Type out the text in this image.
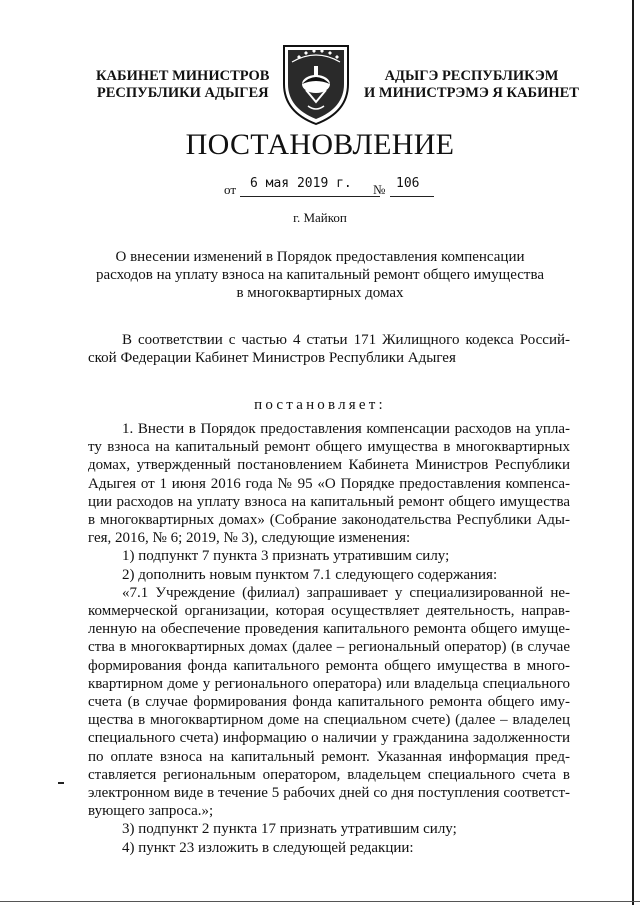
КАБИНЕТ МИНИСТРОВ
РЕСПУБЛИКИ АДЫГЕЯ
АДЫГЭ РЕСПУБЛИКЭМ
И МИНИСТРЭМЭ Я КАБИНЕТ
ПОСТАНОВЛЕНИЕ
от 6 мая 2019 г. № 106
г. Майкоп
О внесении изменений в Порядок предоставления компенсации
расходов на уплату взноса на капитальный ремонт общего имущества
в многоквартирных домах
В соответствии с частью 4 статьи 171 Жилищного кодекса Россий-
ской Федерации Кабинет Министров Республики Адыгея
постановляет:
1. Внести в Порядок предоставления компенсации расходов на упла-
ту взноса на капитальный ремонт общего имущества в многоквартирных
домах, утвержденный постановлением Кабинета Министров Республики
Адыгея от 1 июня 2016 года № 95 «О Порядке предоставления компенса-
ции расходов на уплату взноса на капитальный ремонт общего имущества
в многоквартирных домах» (Собрание законодательства Республики Ады-
гея, 2016, № 6; 2019, № 3), следующие изменения:
1) подпункт 7 пункта 3 признать утратившим силу;
2) дополнить новым пунктом 7.1 следующего содержания:
«7.1 Учреждение (филиал) запрашивает у специализированной не-
коммерческой организации, которая осуществляет деятельность, направ-
ленную на обеспечение проведения капитального ремонта общего имуще-
ства в многоквартирных домах (далее – региональный оператор) (в случае
формирования фонда капитального ремонта общего имущества в много-
квартирном доме у регионального оператора) или владельца специального
счета (в случае формирования фонда капитального ремонта общего иму-
щества в многоквартирном доме на специальном счете) (далее – владелец
специального счета) информацию о наличии у гражданина задолженности
по оплате взноса на капитальный ремонт. Указанная информация пред-
ставляется региональным оператором, владельцем специального счета в
электронном виде в течение 5 рабочих дней со дня поступления соответст-
вующего запроса.»;
3) подпункт 2 пункта 17 признать утратившим силу;
4) пункт 23 изложить в следующей редакции:
